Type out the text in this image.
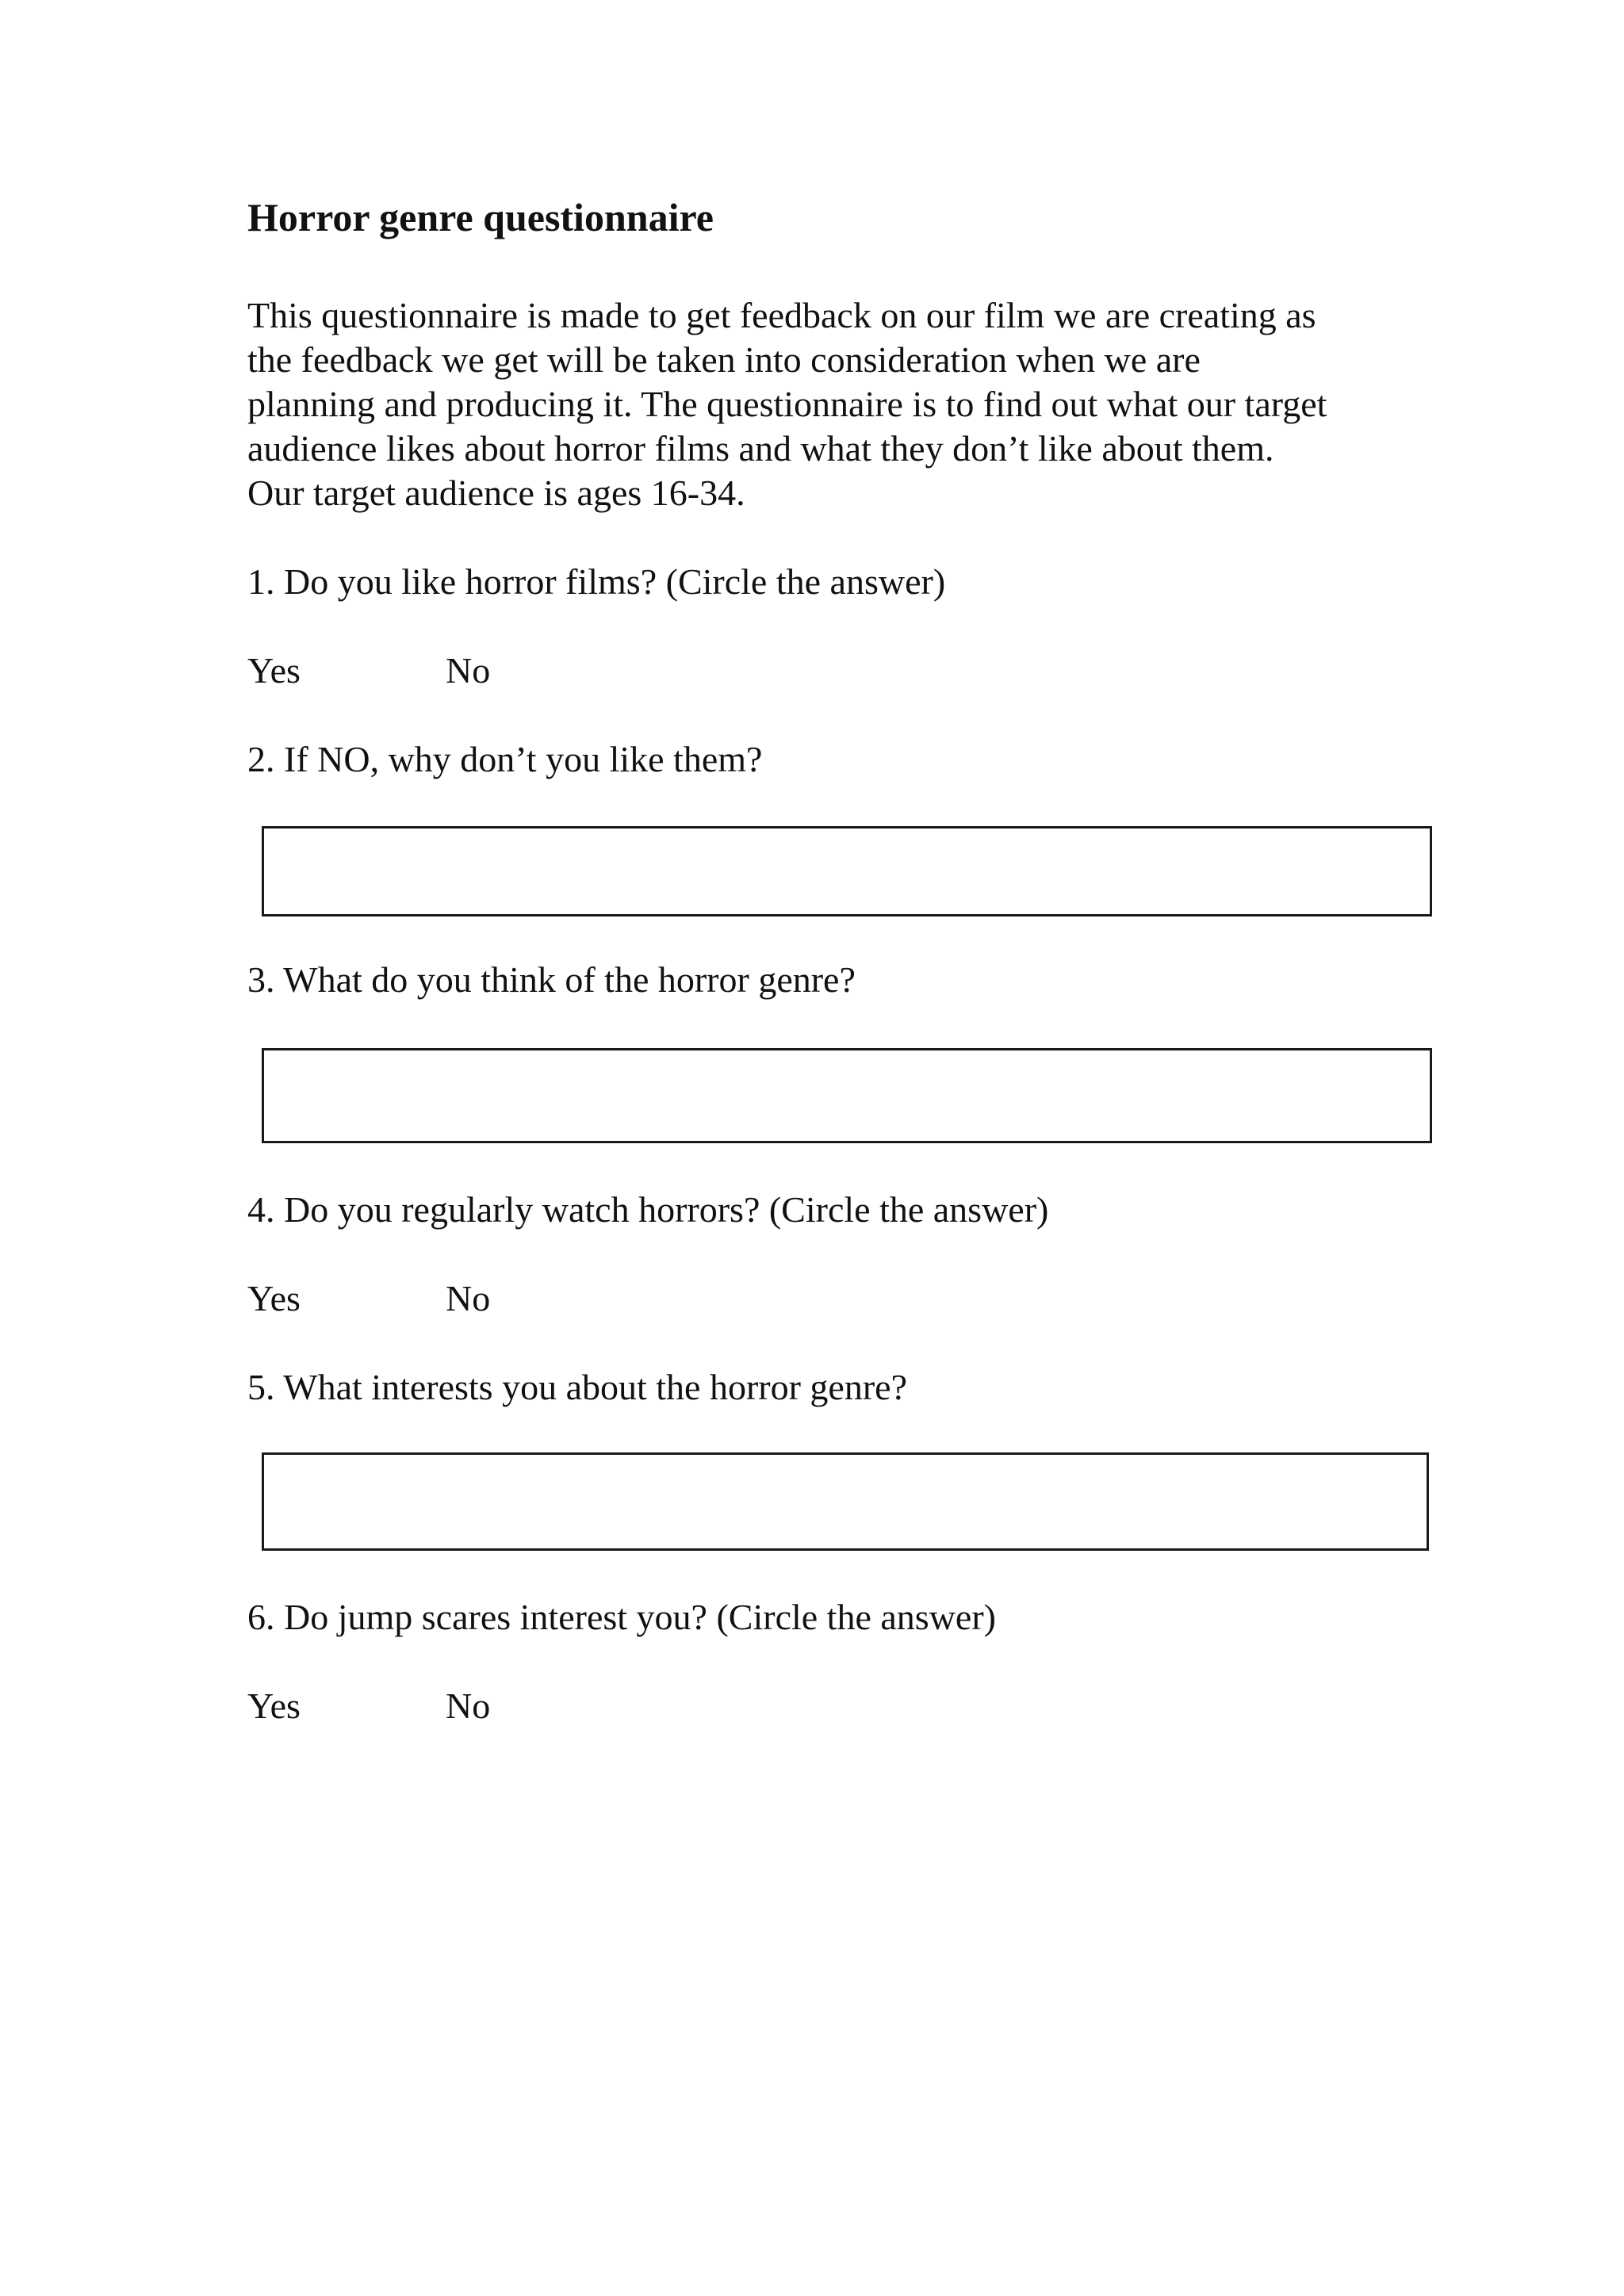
Horror genre questionnaire

This questionnaire is made to get feedback on our film we are creating as
the feedback we get will be taken into consideration when we are
planning and producing it. The questionnaire is to find out what our target
audience likes about horror films and what they don’t like about them.
Our target audience is ages 16-34.

1. Do you like horror films? (Circle the answer)

Yes	No

2. If NO, why don’t you like them?

3. What do you think of the horror genre?

4. Do you regularly watch horrors? (Circle the answer)

Yes	No

5. What interests you about the horror genre?

6. Do jump scares interest you? (Circle the answer)

Yes	No
